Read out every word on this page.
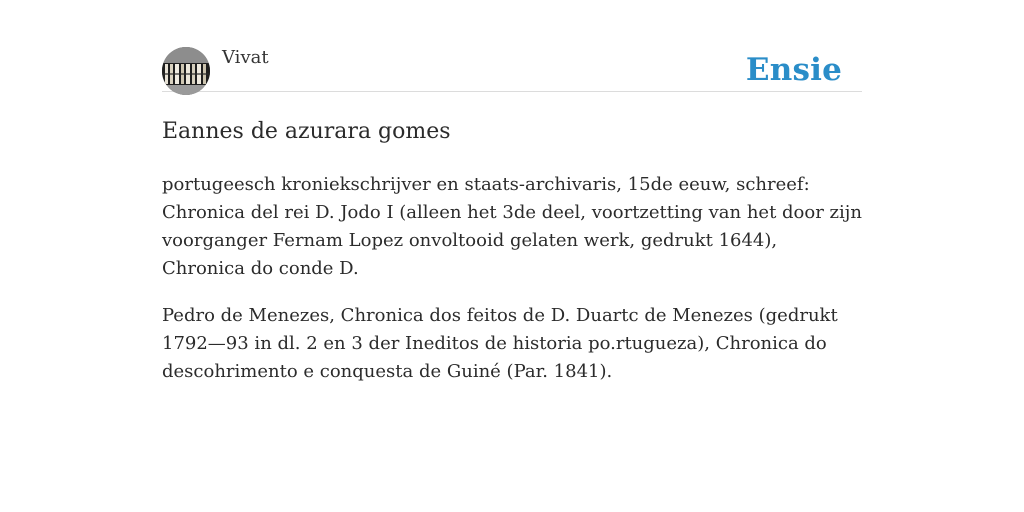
Vivat	Ensie
Eannes de azurara gomes

portugeesch kroniekschrijver en staats-archivaris, 15de eeuw, schreef: Chronica del rei D. Jodo I (alleen het 3de deel, voortzetting van het door zijn voorganger Fernam Lopez onvoltooid gelaten werk, gedrukt 1644), Chronica do conde D.

Pedro de Menezes, Chronica dos feitos de D. Duartc de Menezes (gedrukt 1792—93 in dl. 2 en 3 der Ineditos de historia po.rtugueza), Chronica do descohrimento e conquesta de Guiné (Par. 1841).
